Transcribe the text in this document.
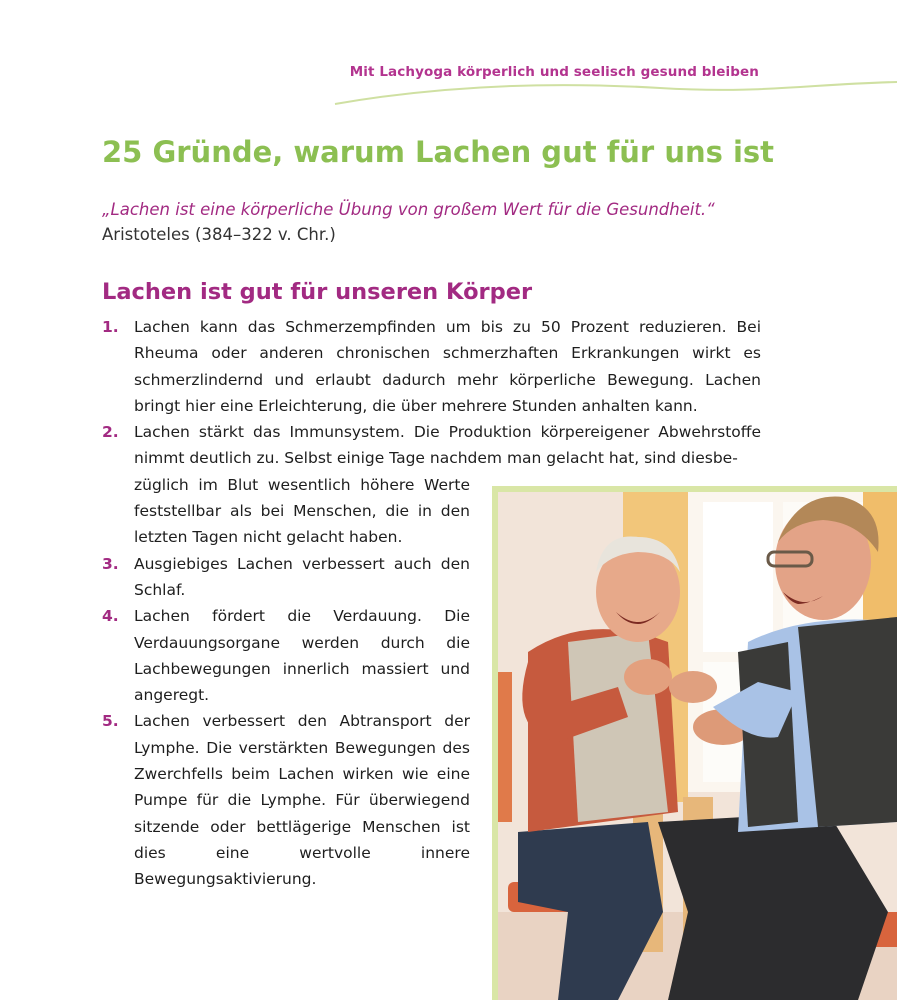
Mit Lachyoga körperlich und seelisch gesund bleiben
25 Gründe, warum Lachen gut für uns ist
„Lachen ist eine körperliche Übung von großem Wert für die Gesundheit.“
Aristoteles (384–322 v. Chr.)
Lachen ist gut für unseren Körper
1. Lachen kann das Schmerzempfinden um bis zu 50 Prozent reduzieren. Bei Rheuma oder anderen chronischen schmerzhaften Erkrankungen wirkt es schmerzlindernd und erlaubt dadurch mehr körperliche Bewegung. Lachen bringt hier eine Erleichterung, die über mehrere Stunden anhalten kann.
2. Lachen stärkt das Immunsystem. Die Produktion körpereigener Abwehrstoffe nimmt deutlich zu. Selbst einige Tage nachdem man gelacht hat, sind diesbe-
züglich im Blut wesentlich höhere Werte feststellbar als bei Menschen, die in den letzten Tagen nicht gelacht haben.
3. Ausgiebiges Lachen verbessert auch den Schlaf.
4. Lachen fördert die Verdauung. Die Verdauungsorgane werden durch die Lachbewegungen innerlich massiert und angeregt.
5. Lachen verbessert den Abtransport der Lymphe. Die verstärkten Bewegungen des Zwerchfells beim Lachen wirken wie eine Pumpe für die Lymphe. Für überwiegend sitzende oder bettlägerige Menschen ist dies eine wertvolle innere Bewegungsaktivierung.
